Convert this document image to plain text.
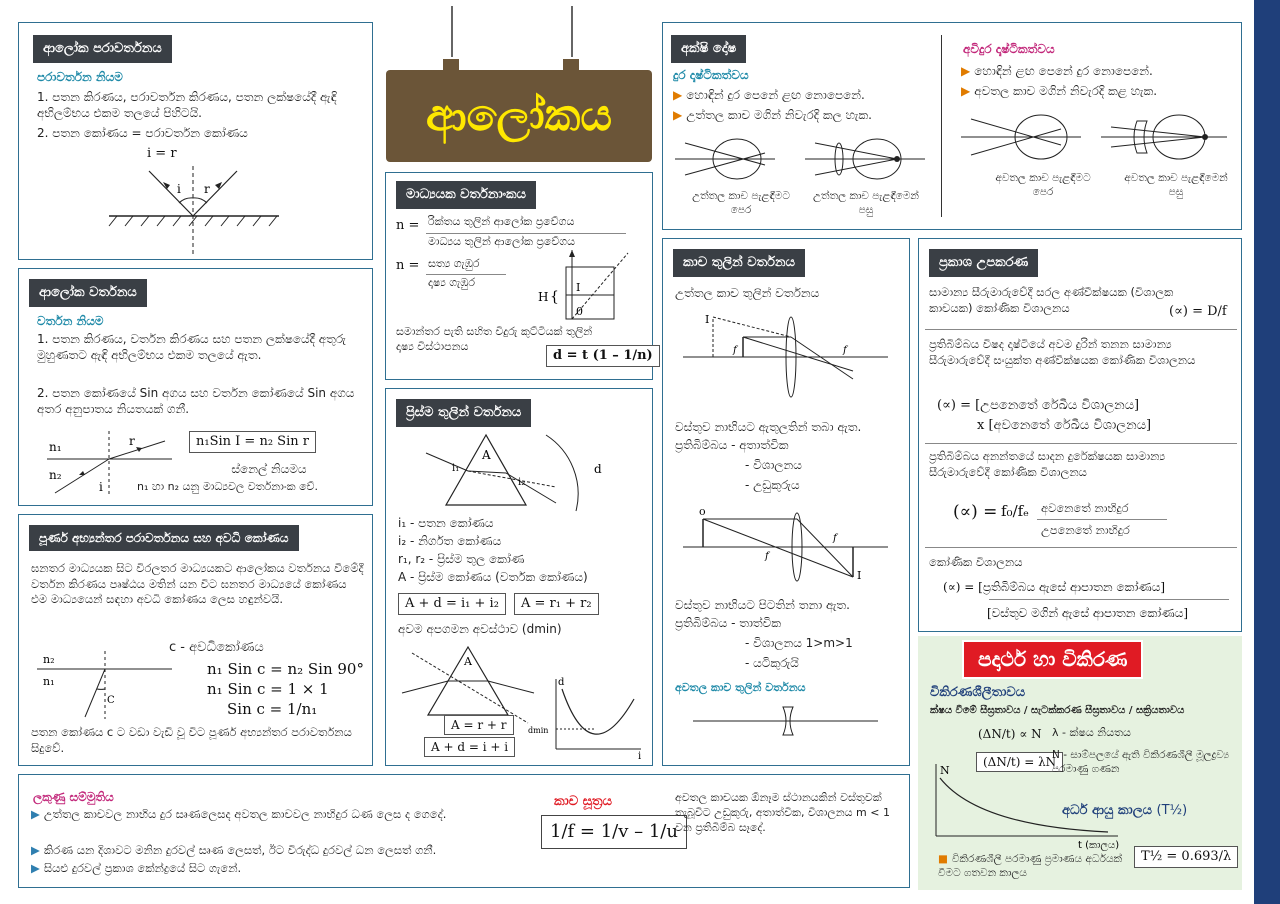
ආලෝක පරාවර්තනය
පරාවර්තන නියම
1. පතන කිරණය, පරාවර්තන කිරණය, පතන ලක්ෂයේදී ඇඳි අභිලම්භය එකම තලයේ පිහිටයි.
2. පතන කෝණය = පරාවර්තන කෝණය
i = r
i r
ආලෝක වර්තනය
වර්තන නියම
1. පතන කිරණය, වර්තන කිරණය සහ පතන ලක්ෂයේදී අතුරු මුහුණතට ඇඳි අභිලම්භය එකම තලයේ ඇත.
2. පතන කෝණයේ Sin අගය සහ වර්තන කෝණයේ Sin අගය අතර අනුපාතය නියතයක් ගනී.
n₁
n₂
r
i
n₁Sin I = n₂ Sin r
ස්නෙල් නියමය
n₁ හා n₂ යනු මාධ්‍යවල වර්තනාංක වේ.
පූර්ණ අභ්‍යන්තර පරාවර්තනය සහ අවධි කෝණය
ඝනතර මාධ්‍යයක සිට විරලතර මාධ්‍යයකට ආලෝකය වර්තනය වීමේදී වර්තන කිරණය පෘෂ්ඨය මතින් යන විට ඝනතර මාධ්‍යයේ කෝණය එම මාධ්‍යයෙන් සඳහා අවධි කෝණය ලෙස හඳුන්වයි.
c - අවධිකෝණය
n₂
n₁
C
n₁ Sin c = n₂ Sin 90°
n₁ Sin c = 1 × 1
Sin c = 1/n₁
පතන කෝණය c ට වඩා වැඩි වූ විට පූර්ණ අභ්‍යන්තර පරාවර්තනය සිදුවේ.
ආලෝකය
මාධ්‍යයක වර්තනාංකය
n = රික්තය තුලින් ආලෝක ප්‍රවේගය
මාධ්‍යය තුලින් ආලෝක ප්‍රවේගය
n = සත්‍ය ගැඹුර
දෘෂ්‍ය ගැඹුර
{
H
I
0
සමාන්තර පැති සහිත වීදුරු කුට්ටියක් තුලින් දෘෂ්‍ය විස්ථාපනය
d = t (1 – 1/n)
ප්‍රිස්ම තුලින් වර්තනය
A
d
i₁
i₂
i₁ - පතන කෝණය
i₂ - නිර්ගත කෝණය
r₁, r₂ - ප්‍රිස්ම තුල කෝණ
A - ප්‍රිස්ම කෝණය (වර්තක කෝණය)
A + d = i₁ + i₂	A = r₁ + r₂
අවම අපගමන අවස්ථාව (dmin)
A
A = r + r
A + d = i + i
d
i
dmin
ලකුණු සම්මුතිය
▶ උත්තල කාචවල නාභිය දුර සෘණලෙසද අවතල කාචවල නාභිදුර ධණ ලෙස ද ගෙදේ.
▶ කිරණ යන දිශාවට මනින දුරවල් සෘණ ලෙසත්, ඊට විරුද්ධ දුරවල් ධන ලෙසත් ගනී.
▶ සියළු දුරවල් ප්‍රකාශ කේන්ද්‍රයේ සිට ගැනේ.
කාච සූත්‍රය
1/f = 1/v – 1/u
අක්ෂි දෝෂ
දුර දෘෂ්ටිකත්වය
▶ හොඳින් දුර පෙනේ ළඟ නොපෙනේ.
▶ උත්තල කාච මගින් නිවැරදි කල හැක.
උත්තල කාච පැළඳීමට පෙර
උත්තල කාච පැළඳීමෙන් පසු
අවිදුර දෘෂ්ටිකත්වය
▶ හොඳින් ළඟ පෙනේ දුර නොපෙනේ.
▶ අවතල කාච මගින් නිවැරදි කළ හැක.
අවතල කාච පැළඳීමට පෙර
අවතල කාච පැළඳීමෙන් පසු
කාච තුලින් වර්තනය
උත්තල කාච තුලින් වර්තනය
I
f	f
වස්තුව නාභියට ඇතුලතින් තබා ඇත.
ප්‍රතිබිම්බය - අතාත්වික
- විශාලනය
- උඩුකුරුය
o
f
f
I
වස්තුව නාභියට පිටතින් තනා ඇත.
ප්‍රතිබිම්බය - තාත්වික
- විශාලනය 1>m>1
- යටිකුරුයි
අවතල කාච තුලින් වර්තනය
අවතල කාචයක ඕනෑම ස්ථානයකින් වස්තුවක් තැබූවිට උඩුකුරු, අතාත්වික, විශාලනය m < 1 වන ප්‍රතිබිම්බ සෑදේ.
ප්‍රකාශ උපකරණ
සාමාන්‍ය සීරුමාරුවේදී සරල අණ්වීක්ෂයක (විශාලක කාචයක) කෝණික විශාලනය	(∝) = D/f
ප්‍රතිබිම්බය විෂද දෘෂ්ටියේ අවම දුරින් තනන සාමාන්‍ය සීරුමාරුවේදී සංයුක්ත අණ්වීක්ෂයක කෝණික විශාලනය
(∝) = [උපනෙතේ රේඛීය විශාලනය]
x [අවනෙතේ රේඛීය විශාලනය]
ප්‍රතිබිම්බය අනන්තයේ සාදන දුරේක්ෂයක සාමාන්‍ය සීරුමාරුවේදී කෝණික විශාලනය
(∝) = f₀/fₑ අවනෙතේ නාභිදුර
උපනෙතේ නාභිදුර
කෝණික විශාලනය
(∝) = [ප්‍රතිබිම්බය ඇසේ ආපාතන කෝණය]
[වස්තුව මගින් ඇසේ ආපාතන කෝණය]
පදාර්ථ හා විකිරණ
විකිරණශීලීතාවය
ක්ෂය වීමේ සීඝ්‍රතාවය / සැටක්කරණ සීඝ්‍රතාවය / සක්‍රියතාවය
(ΔN/t) ∝ N λ - ක්ෂය නියතය
(ΔN/t) = λN
N - සාම්පලයේ ඇති විකිරණශීලී මූලද්‍රව්‍ය පරමාණු ගණන
N
t (කාලය)
අර්ධ ආයු කාලය (T½)
■ විකිරණශීලී පරමාණු ප්‍රමාණය අර්ධයක් වීමට ගතවන කාලය
T½ = 0.693/λ
